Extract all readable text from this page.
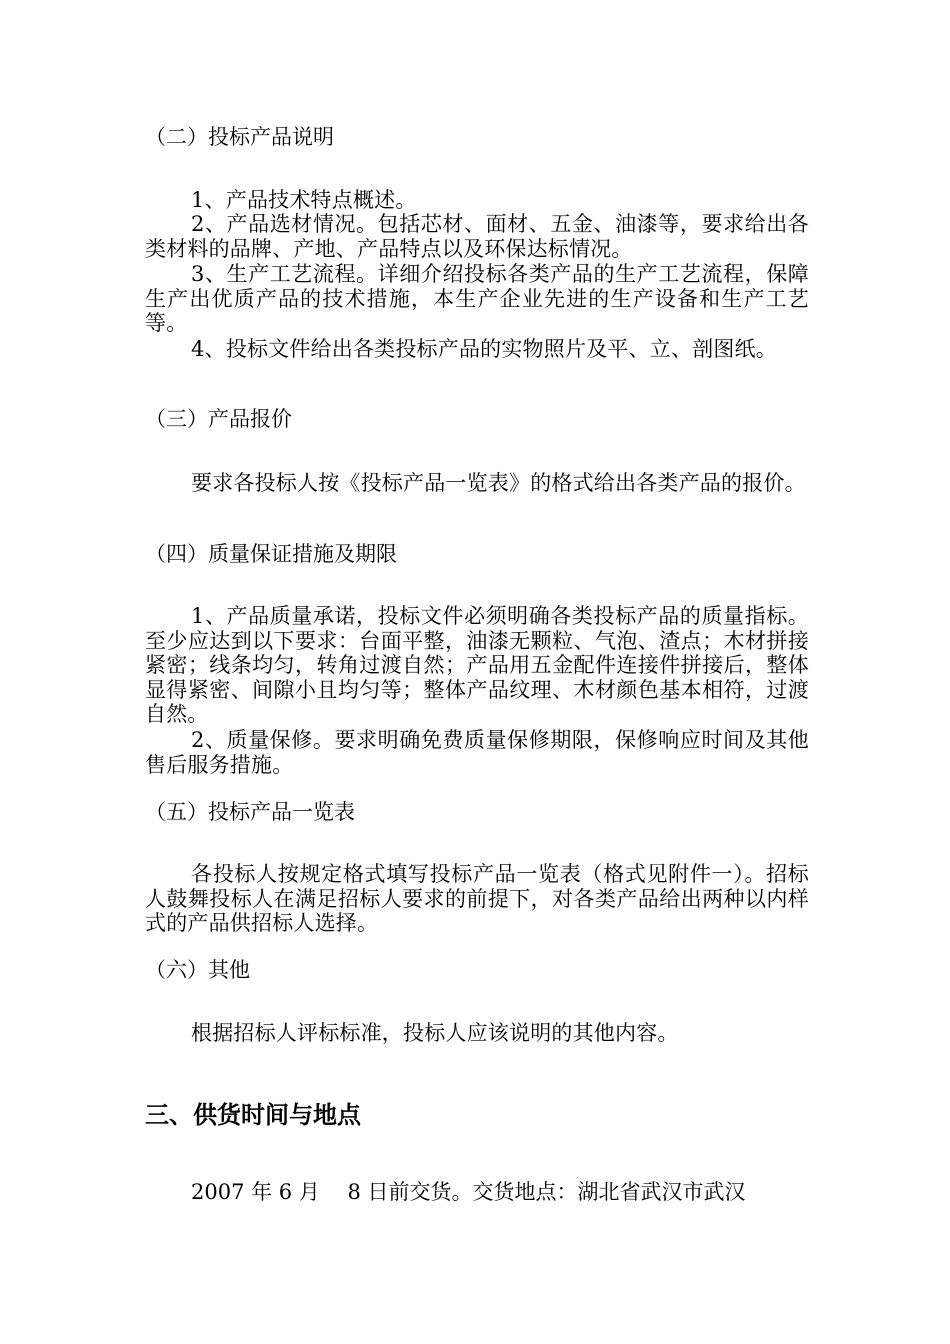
（二）投标产品说明
1、产品技术特点概述。
2、产品选材情况。包括芯材、面材、五金、油漆等，要求给出各类材料的品牌、产地、产品特点以及环保达标情况。
3、生产工艺流程。详细介绍投标各类产品的生产工艺流程，保障生产出优质产品的技术措施，本生产企业先进的生产设备和生产工艺等。
4、投标文件给出各类投标产品的实物照片及平、立、剖图纸。
（三）产品报价
要求各投标人按《投标产品一览表》的格式给出各类产品的报价。
（四）质量保证措施及期限
1、产品质量承诺，投标文件必须明确各类投标产品的质量指标。至少应达到以下要求：台面平整，油漆无颗粒、气泡、渣点；木材拼接紧密；线条均匀，转角过渡自然；产品用五金配件连接件拼接后，整体显得紧密、间隙小且均匀等；整体产品纹理、木材颜色基本相符，过渡自然。
2、质量保修。要求明确免费质量保修期限，保修响应时间及其他售后服务措施。
（五）投标产品一览表
各投标人按规定格式填写投标产品一览表（格式见附件一）。招标人鼓舞投标人在满足招标人要求的前提下，对各类产品给出两种以内样式的产品供招标人选择。
（六）其他
根据招标人评标标准，投标人应该说明的其他内容。
三、供货时间与地点
2007 年 6 月　 8 日前交货。交货地点：湖北省武汉市武汉
